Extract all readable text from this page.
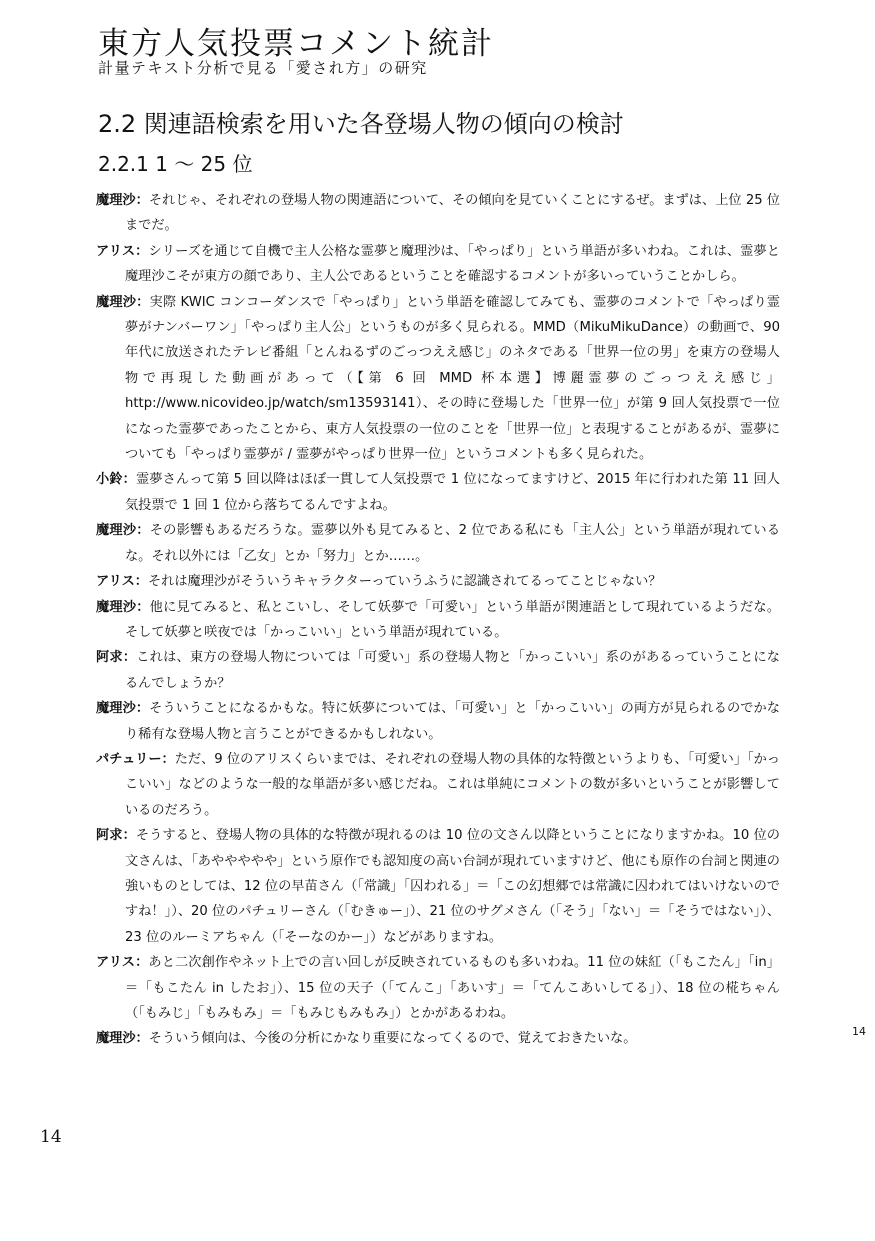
東方人気投票コメント統計
計量テキスト分析で見る「愛され方」の研究
2.2 関連語検索を用いた各登場人物の傾向の検討
2.2.1 1 ～ 25 位

魔理沙：それじゃ、それぞれの登場人物の関連語について、その傾向を見ていくことにするぜ。まずは、上位 25 位までだ。

アリス：シリーズを通じて自機で主人公格な霊夢と魔理沙は、「やっぱり」という単語が多いわね。これは、霊夢と魔理沙こそが東方の顔であり、主人公であるということを確認するコメントが多いっていうことかしら。

魔理沙：実際 KWIC コンコーダンスで「やっぱり」という単語を確認してみても、霊夢のコメントで「やっぱり霊夢がナンバーワン」「やっぱり主人公」というものが多く見られる。MMD（MikuMikuDance）の動画で、90 年代に放送されたテレビ番組「とんねるずのごっつええ感じ」のネタである「世界一位の男」を東方の登場人物で再現した動画があって（【第 6 回 MMD 杯本選】博麗霊夢のごっつええ感じ」http://www.nicovideo.jp/watch/sm13593141）、その時に登場した「世界一位」が第 9 回人気投票で一位になった霊夢であったことから、東方人気投票の一位のことを「世界一位」と表現することがあるが、霊夢についても「やっぱり霊夢が / 霊夢がやっぱり世界一位」というコメントも多く見られた。

小鈴：霊夢さんって第 5 回以降はほぼ一貫して人気投票で 1 位になってますけど、2015 年に行われた第 11 回人気投票で 1 回 1 位から落ちてるんですよね。

魔理沙：その影響もあるだろうな。霊夢以外も見てみると、2 位である私にも「主人公」という単語が現れているな。それ以外には「乙女」とか「努力」とか……。

アリス：それは魔理沙がそういうキャラクターっていうふうに認識されてるってことじゃない？

魔理沙：他に見てみると、私とこいし、そして妖夢で「可愛い」という単語が関連語として現れているようだな。そして妖夢と咲夜では「かっこいい」という単語が現れている。

阿求：これは、東方の登場人物については「可愛い」系の登場人物と「かっこいい」系のがあるっていうことになるんでしょうか？

魔理沙：そういうことになるかもな。特に妖夢については、「可愛い」と「かっこいい」の両方が見られるのでかなり稀有な登場人物と言うことができるかもしれない。

パチュリー：ただ、9 位のアリスくらいまでは、それぞれの登場人物の具体的な特徴というよりも、「可愛い」「かっこいい」などのような一般的な単語が多い感じだね。これは単純にコメントの数が多いということが影響しているのだろう。

阿求：そうすると、登場人物の具体的な特徴が現れるのは 10 位の文さん以降ということになりますかね。10 位の文さんは、「あややややや」という原作でも認知度の高い台詞が現れていますけど、他にも原作の台詞と関連の強いものとしては、12 位の早苗さん（「常識」「囚われる」＝「この幻想郷では常識に囚われてはいけないのですね！」）、20 位のパチュリーさん（「むきゅー」）、21 位のサグメさん（「そう」「ない」＝「そうではない」）、23 位のルーミアちゃん（「そーなのかー」）などがありますね。

アリス：あと二次創作やネット上での言い回しが反映されているものも多いわね。11 位の妹紅（「もこたん」「in」＝「もこたん in したお」）、15 位の天子（「てんこ」「あいす」＝「てんこあいしてる」）、18 位の椛ちゃん（「もみじ」「もみもみ」＝「もみじもみもみ」）とかがあるわね。

魔理沙：そういう傾向は、今後の分析にかなり重要になってくるので、覚えておきたいな。	14
14
